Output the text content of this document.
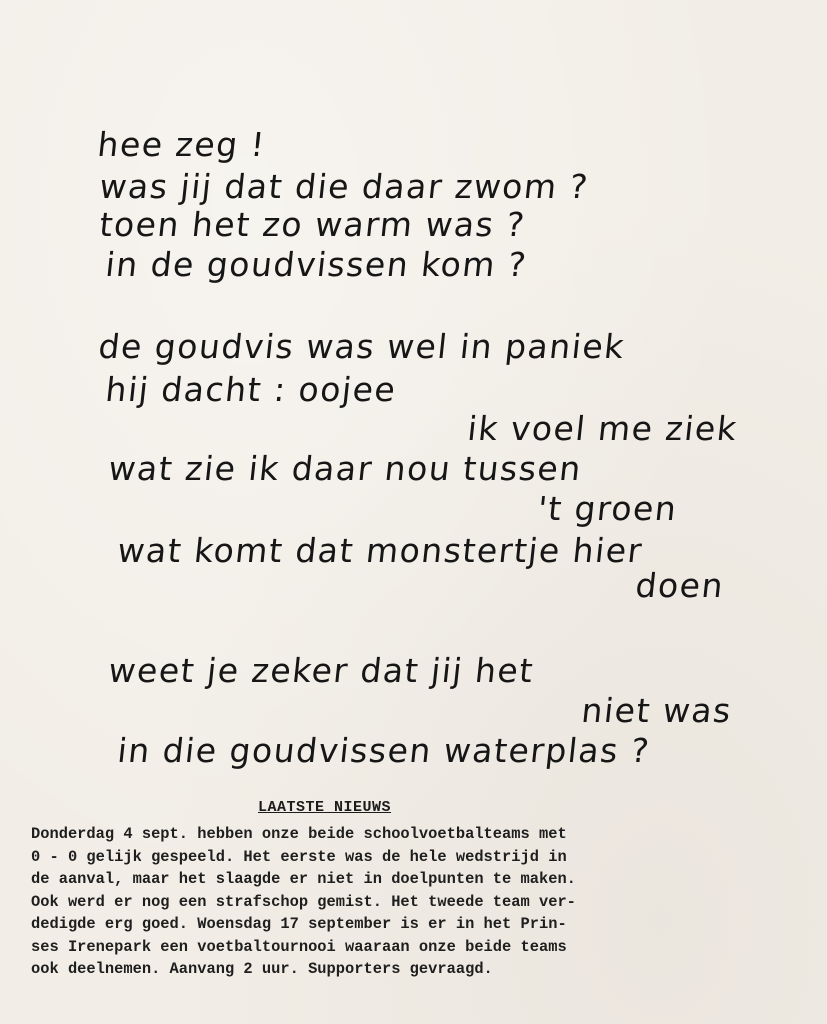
hee zeg !
was jij dat die daar zwom ?
toen het zo warm was ?
in de goudvissen kom ?
de goudvis was wel in paniek
hij dacht : oojee
ik voel me ziek
wat zie ik daar nou tussen
't groen
wat komt dat monstertje hier
doen
weet je zeker dat jij het
niet was
in die goudvissen waterplas ?
LAATSTE NIEUWS
Donderdag 4 sept. hebben onze beide schoolvoetbalteams met
0 - 0 gelijk gespeeld. Het eerste was de hele wedstrijd in
de aanval, maar het slaagde er niet in doelpunten te maken.
Ook werd er nog een strafschop gemist. Het tweede team ver-
dedigde erg goed. Woensdag 17 september is er in het Prin-
ses Irenepark een voetbaltournooi waaraan onze beide teams
ook deelnemen. Aanvang 2 uur. Supporters gevraagd.
